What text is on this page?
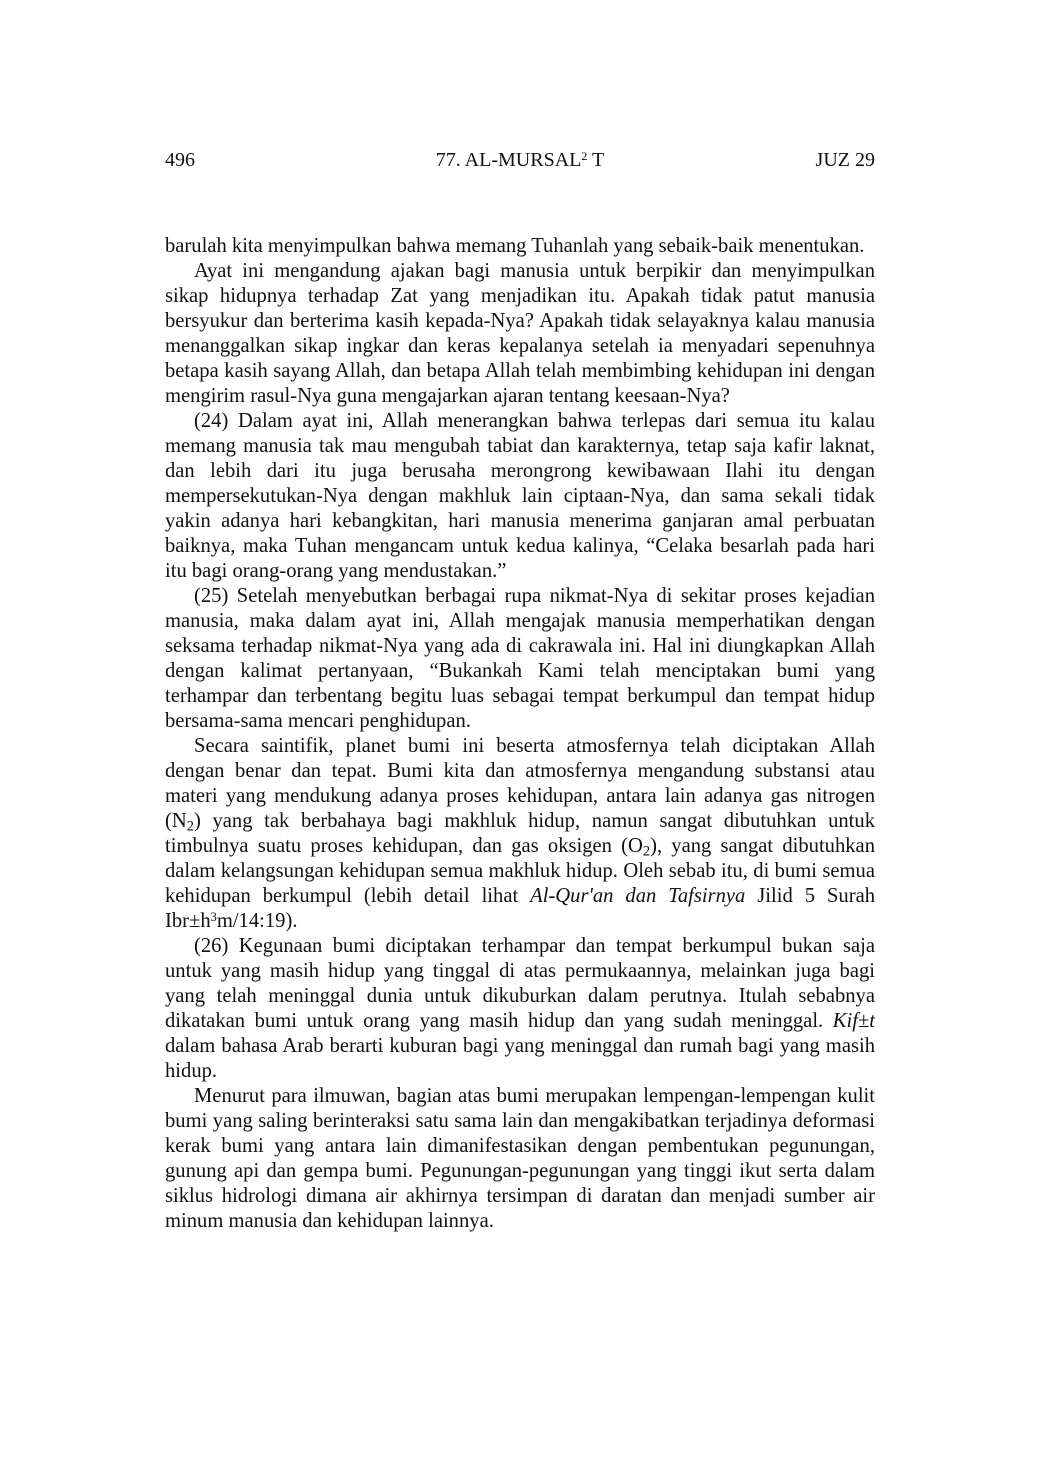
496	77. AL-MURSAL$^2$ T	JUZ 29

barulah kita menyimpulkan bahwa memang Tuhanlah yang sebaik-baik menentukan.

Ayat ini mengandung ajakan bagi manusia untuk berpikir dan menyimpulkan sikap hidupnya terhadap Zat yang menjadikan itu. Apakah tidak patut manusia bersyukur dan berterima kasih kepada-Nya? Apakah tidak selayaknya kalau manusia menanggalkan sikap ingkar dan keras kepalanya setelah ia menyadari sepenuhnya betapa kasih sayang Allah, dan betapa Allah telah membimbing kehidupan ini dengan mengirim rasul-Nya guna mengajarkan ajaran tentang keesaan-Nya?

(24) Dalam ayat ini, Allah menerangkan bahwa terlepas dari semua itu kalau memang manusia tak mau mengubah tabiat dan karakternya, tetap saja kafir laknat, dan lebih dari itu juga berusaha merongrong kewibawaan Ilahi itu dengan mempersekutukan-Nya dengan makhluk lain ciptaan-Nya, dan sama sekali tidak yakin adanya hari kebangkitan, hari manusia menerima ganjaran amal perbuatan baiknya, maka Tuhan mengancam untuk kedua kalinya, “Celaka besarlah pada hari itu bagi orang-orang yang mendustakan.”

(25) Setelah menyebutkan berbagai rupa nikmat-Nya di sekitar proses kejadian manusia, maka dalam ayat ini, Allah mengajak manusia memperhatikan dengan seksama terhadap nikmat-Nya yang ada di cakrawala ini. Hal ini diungkapkan Allah dengan kalimat pertanyaan, “Bukankah Kami telah menciptakan bumi yang terhampar dan terbentang begitu luas sebagai tempat berkumpul dan tempat hidup bersama-sama mencari penghidupan.

Secara saintifik, planet bumi ini beserta atmosfernya telah diciptakan Allah dengan benar dan tepat. Bumi kita dan atmosfernya mengandung substansi atau materi yang mendukung adanya proses kehidupan, antara lain adanya gas nitrogen $(N_2)$ yang tak berbahaya bagi makhluk hidup, namun sangat dibutuhkan untuk timbulnya suatu proses kehidupan, dan gas oksigen $(O_2)$, yang sangat dibutuhkan dalam kelangsungan kehidupan semua makhluk hidup. Oleh sebab itu, di bumi semua kehidupan berkumpul (lebih detail lihat Al-Qur'an dan Tafsirnya Jilid 5 Surah $Ibr\pm h^3m/14:19$).

(26) Kegunaan bumi diciptakan terhampar dan tempat berkumpul bukan saja untuk yang masih hidup yang tinggal di atas permukaannya, melainkan juga bagi yang telah meninggal dunia untuk dikuburkan dalam perutnya. Itulah sebabnya dikatakan bumi untuk orang yang masih hidup dan yang sudah meninggal. Kif±t dalam bahasa Arab berarti kuburan bagi yang meninggal dan rumah bagi yang masih hidup.

Menurut para ilmuwan, bagian atas bumi merupakan lempengan-lempengan kulit bumi yang saling berinteraksi satu sama lain dan mengakibatkan terjadinya deformasi kerak bumi yang antara lain dimanifestasikan dengan pembentukan pegunungan, gunung api dan gempa bumi. Pegunungan-pegunungan yang tinggi ikut serta dalam siklus hidrologi dimana air akhirnya tersimpan di daratan dan menjadi sumber air minum manusia dan kehidupan lainnya.
